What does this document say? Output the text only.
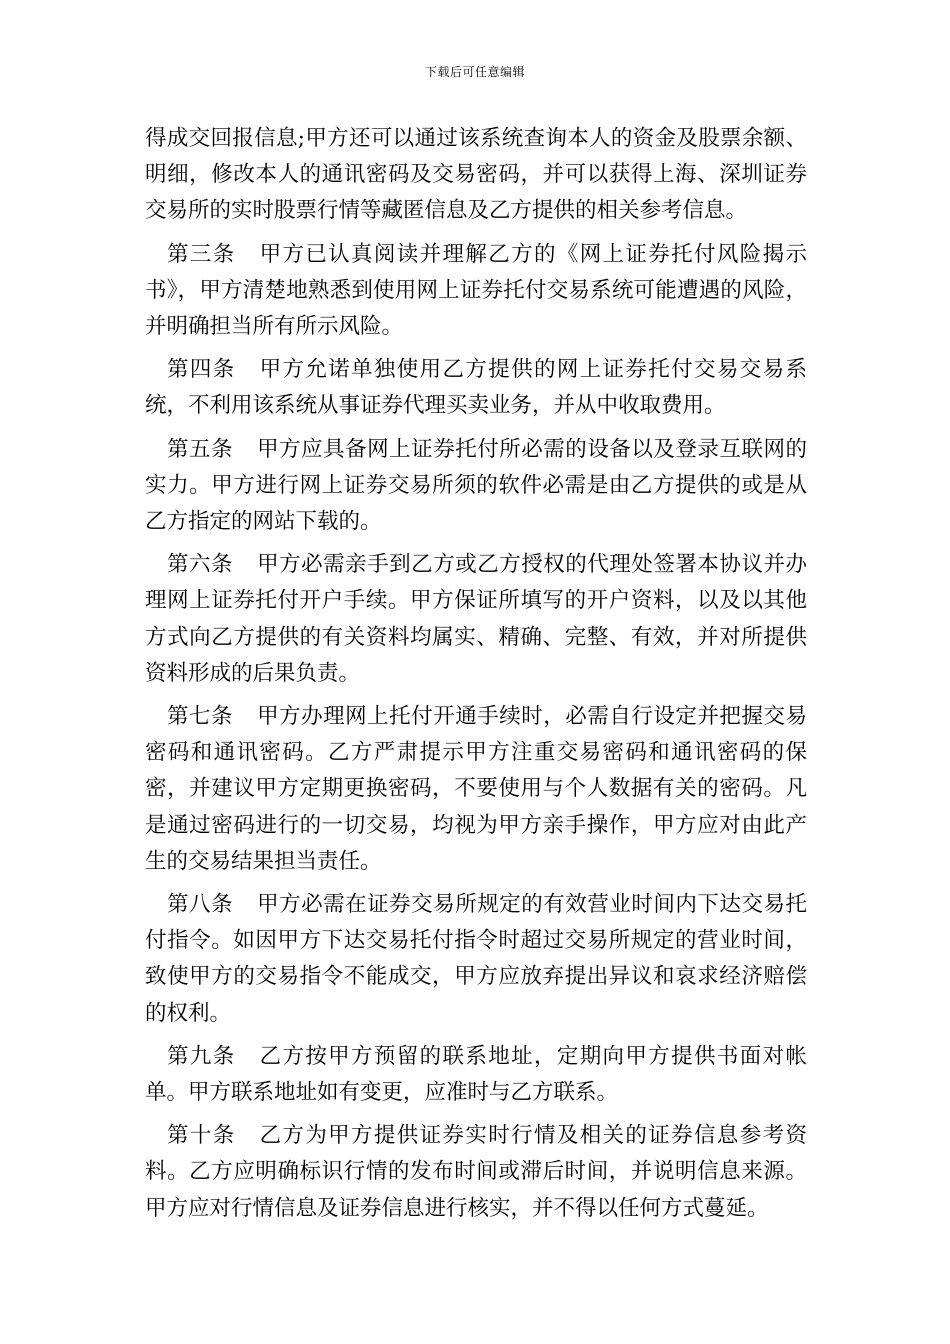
下载后可任意编辑

得成交回报信息;甲方还可以通过该系统查询本人的资金及股票余额、明细，修改本人的通讯密码及交易密码，并可以获得上海、深圳证券交易所的实时股票行情等藏匿信息及乙方提供的相关参考信息。

第三条 甲方已认真阅读并理解乙方的《网上证券托付风险揭示书》，甲方清楚地熟悉到使用网上证券托付交易系统可能遭遇的风险，并明确担当所有所示风险。

第四条 甲方允诺单独使用乙方提供的网上证券托付交易交易系统，不利用该系统从事证券代理买卖业务，并从中收取费用。

第五条 甲方应具备网上证券托付所必需的设备以及登录互联网的实力。甲方进行网上证券交易所须的软件必需是由乙方提供的或是从乙方指定的网站下载的。

第六条 甲方必需亲手到乙方或乙方授权的代理处签署本协议并办理网上证券托付开户手续。甲方保证所填写的开户资料，以及以其他方式向乙方提供的有关资料均属实、精确、完整、有效，并对所提供资料形成的后果负责。

第七条 甲方办理网上托付开通手续时，必需自行设定并把握交易密码和通讯密码。乙方严肃提示甲方注重交易密码和通讯密码的保密，并建议甲方定期更换密码，不要使用与个人数据有关的密码。凡是通过密码进行的一切交易，均视为甲方亲手操作，甲方应对由此产生的交易结果担当责任。

第八条 甲方必需在证券交易所规定的有效营业时间内下达交易托付指令。如因甲方下达交易托付指令时超过交易所规定的营业时间，致使甲方的交易指令不能成交，甲方应放弃提出异议和哀求经济赔偿的权利。

第九条 乙方按甲方预留的联系地址，定期向甲方提供书面对帐单。甲方联系地址如有变更，应准时与乙方联系。

第十条 乙方为甲方提供证券实时行情及相关的证券信息参考资料。乙方应明确标识行情的发布时间或滞后时间，并说明信息来源。甲方应对行情信息及证券信息进行核实，并不得以任何方式蔓延。
